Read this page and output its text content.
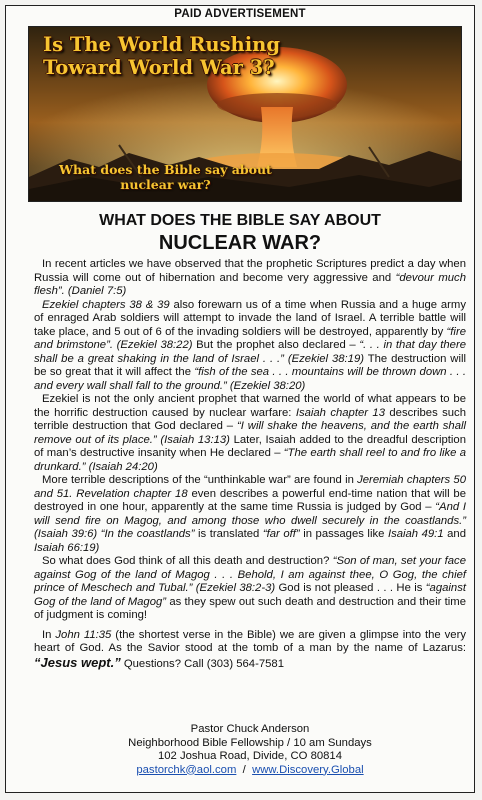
PAID ADVERTISEMENT
Is The World Rushing
Toward World War 3?
What does the Bible say about
nuclear war?
WHAT DOES THE BIBLE SAY ABOUT
NUCLEAR WAR?

In recent articles we have observed that the prophetic Scriptures predict a day when Russia will come out of hibernation and become very aggressive and “devour much flesh”. (Daniel 7:5)

Ezekiel chapters 38 & 39 also forewarn us of a time when Russia and a huge army of enraged Arab soldiers will attempt to invade the land of Israel. A terrible battle will take place, and 5 out of 6 of the invading soldiers will be destroyed, apparently by “fire and brimstone”. (Ezekiel 38:22) But the prophet also declared – “. . . in that day there shall be a great shaking in the land of Israel . . .” (Ezekiel 38:19) The destruction will be so great that it will affect the “fish of the sea . . . mountains will be thrown down . . . and every wall shall fall to the ground.” (Ezekiel 38:20)

Ezekiel is not the only ancient prophet that warned the world of what appears to be the horrific destruction caused by nuclear warfare: Isaiah chapter 13 describes such terrible destruction that God declared – “I will shake the heavens, and the earth shall remove out of its place.” (Isaiah 13:13) Later, Isaiah added to the dreadful description of man’s destructive insanity when He declared – “The earth shall reel to and fro like a drunkard.” (Isaiah 24:20)

More terrible descriptions of the “unthinkable war” are found in Jeremiah chapters 50 and 51. Revelation chapter 18 even describes a powerful end-time nation that will be destroyed in one hour, apparently at the same time Russia is judged by God – “And I will send fire on Magog, and among those who dwell securely in the coastlands.” (Isaiah 39:6) “In the coastlands” is translated “far off” in passages like Isaiah 49:1 and Isaiah 66:19)

So what does God think of all this death and destruction? “Son of man, set your face against Gog of the land of Magog . . . Behold, I am against thee, O Gog, the chief prince of Meschech and Tubal.” (Ezekiel 38:2-3) God is not pleased . . . He is “against Gog of the land of Magog” as they spew out such death and destruction and their time of judgment is coming!

In John 11:35 (the shortest verse in the Bible) we are given a glimpse into the very heart of God. As the Savior stood at the tomb of a man by the name of Lazarus: “Jesus wept.” Questions? Call (303) 564-7581

Pastor Chuck Anderson
Neighborhood Bible Fellowship / 10 am Sundays
102 Joshua Road, Divide, CO 80814
pastorchk@aol.com  /  www.Discovery.Global
